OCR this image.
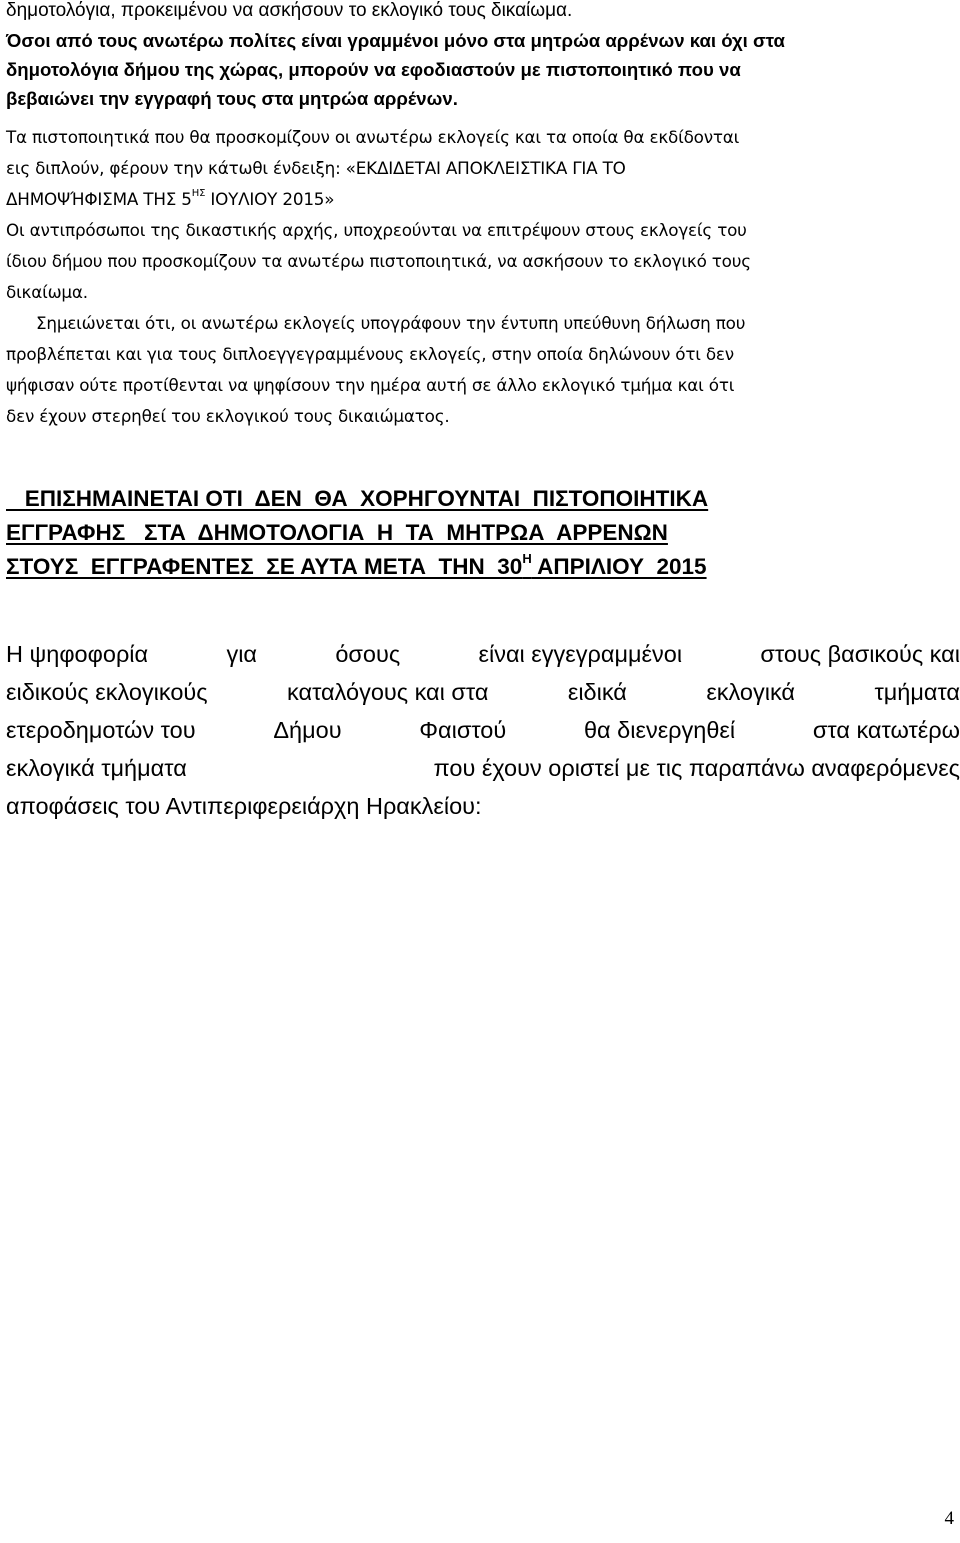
δημοτολόγια, προκειμένου να ασκήσουν το εκλογικό τους δικαίωμα.
Όσοι από τους ανωτέρω πολίτες είναι γραμμένοι μόνο στα μητρώα αρρένων και όχι στα
δημοτολόγια δήμου της χώρας, μπορούν να εφοδιαστούν με πιστοποιητικό που να
βεβαιώνει την εγγραφή τους στα μητρώα αρρένων.
Τα πιστοποιητικά που θα προσκομίζουν οι ανωτέρω εκλογείς και τα οποία θα εκδίδονται
εις διπλούν, φέρουν την κάτωθι ένδειξη: «ΕΚΔΙΔΕΤΑΙ ΑΠΟΚΛΕΙΣΤΙΚΑ ΓΙΑ ΤΟ
ΔΗΜΟΨΉΦΙΣΜΑ ΤΗΣ $5^{H\Sigma}$ ΙΟΥΛΙΟΥ 2015»
Οι αντιπρόσωποι της δικαστικής αρχής, υποχρεούνται να επιτρέψουν στους εκλογείς του
ίδιου δήμου που προσκομίζουν τα ανωτέρω πιστοποιητικά, να ασκήσουν το εκλογικό τους
δικαίωμα.
Σημειώνεται ότι, οι ανωτέρω εκλογείς υπογράφουν την έντυπη υπεύθυνη δήλωση που
προβλέπεται και για τους διπλοεγγεγραμμένους εκλογείς, στην οποία δηλώνουν ότι δεν
ψήφισαν ούτε προτίθενται να ψηφίσουν την ημέρα αυτή σε άλλο εκλογικό τμήμα και ότι
δεν έχουν στερηθεί του εκλογικού τους δικαιώματος.
ΕΠΙΣΗΜΑΙΝΕΤΑΙ ΟΤΙ  ΔΕΝ  ΘΑ  ΧΟΡΗΓΟΥΝΤΑΙ  ΠΙΣΤΟΠΟΙΗΤΙΚΑ
ΕΓΓΡΑΦΗΣ   ΣΤΑ  ΔΗΜΟΤΟΛΟΓΙΑ  Η  ΤΑ  ΜΗΤΡΩΑ  ΑΡΡΕΝΩΝ
ΣΤΟΥΣ  ΕΓΓΡΑΦΕΝΤΕΣ  ΣΕ ΑΥΤΑ ΜΕΤΑ  ΤΗΝ  $30^H$ ΑΠΡΙΛΙΟΥ  2015
Η ψηφοφορία	για	όσους	είναι εγγεγραμμένοι	στους βασικούς και
ειδικούς εκλογικούς	καταλόγους και στα	ειδικά	εκλογικά	τμήματα
ετεροδημοτών του	Δήμου	Φαιστού	θα διενεργηθεί	στα κατωτέρω
εκλογικά τμήματα	που έχουν οριστεί με τις παραπάνω αναφερόμενες
αποφάσεις του Αντιπεριφερειάρχη Ηρακλείου:
4
